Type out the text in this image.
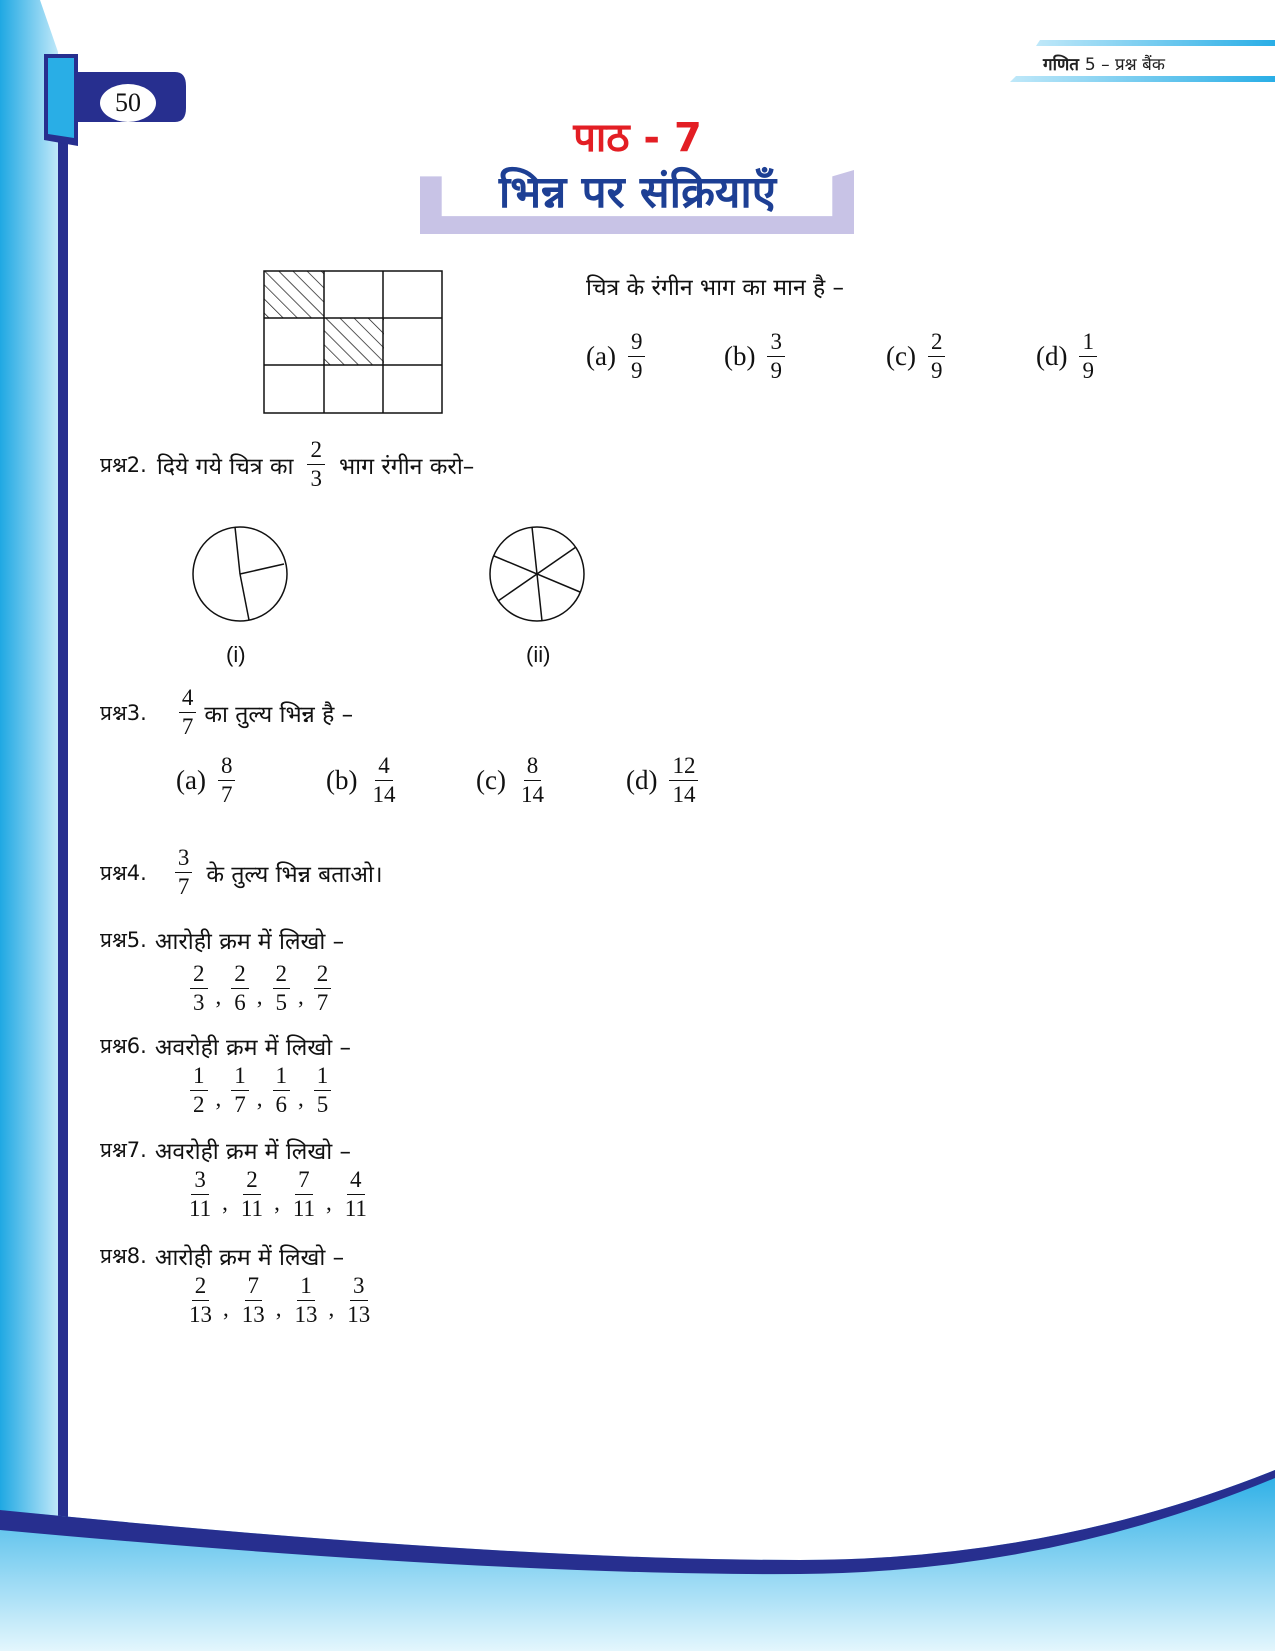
गणित 5 – प्रश्न बैंक
50
पाठ - 7
भिन्न पर संक्रियाएँ
चित्र के रंगीन भाग का मान है –
$(a) \frac{9}{9}$	$(b) \frac{3}{9}$	$(c) \frac{2}{9}$	$(d) \frac{1}{9}$
प्रश्न2. दिये गये चित्र का $\frac{2}{3}$ भाग रंगीन करो–
(i)	(ii)
प्रश्न3. $\frac{4}{7}$ का तुल्य भिन्न है –
$(a) \frac{8}{7}$	$(b) \frac{4}{14}$	$(c) \frac{8}{14}$	$(d) \frac{12}{14}$
प्रश्न4. $\frac{3}{7}$ के तुल्य भिन्न बताओ।
प्रश्न5. आरोही क्रम में लिखो –
$\frac{2}{3}$ , $\frac{2}{6}$ , $\frac{2}{5}$ , $\frac{2}{7}$
प्रश्न6. अवरोही क्रम में लिखो –
$\frac{1}{2}$ , $\frac{1}{7}$ , $\frac{1}{6}$ , $\frac{1}{5}$
प्रश्न7. अवरोही क्रम में लिखो –
$\frac{3}{11}$ , $\frac{2}{11}$ , $\frac{7}{11}$ , $\frac{4}{11}$
प्रश्न8. आरोही क्रम में लिखो –
$\frac{2}{13}$ , $\frac{7}{13}$ , $\frac{1}{13}$ , $\frac{3}{13}$
